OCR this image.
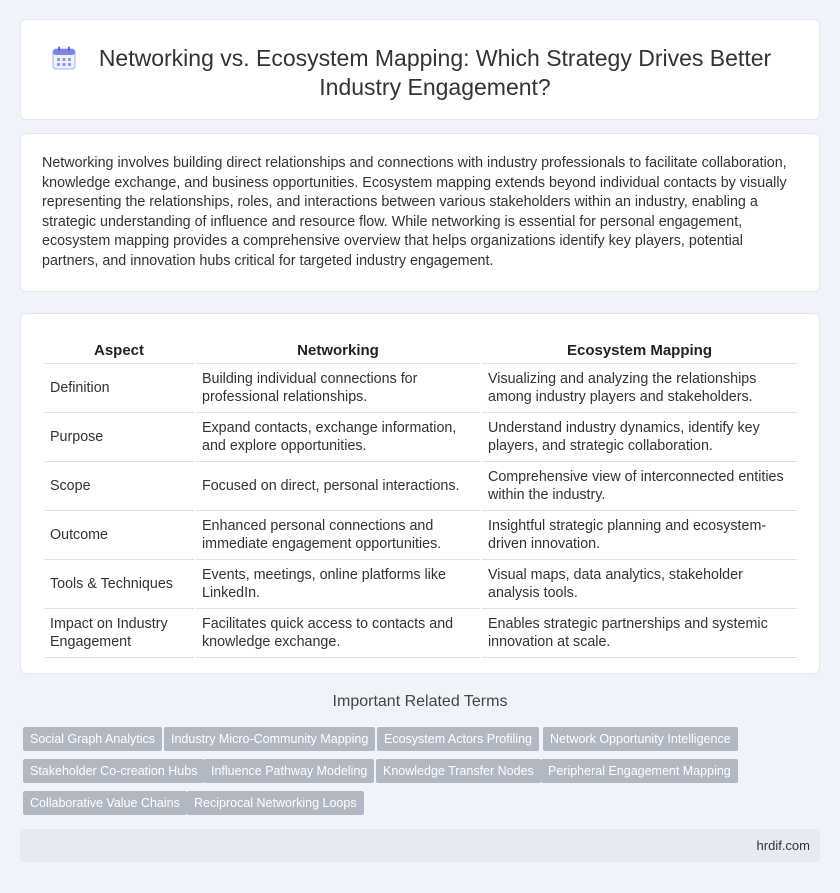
Networking vs. Ecosystem Mapping: Which Strategy Drives Better Industry Engagement?
Networking involves building direct relationships and connections with industry professionals to facilitate collaboration, knowledge exchange, and business opportunities. Ecosystem mapping extends beyond individual contacts by visually representing the relationships, roles, and interactions between various stakeholders within an industry, enabling a strategic understanding of influence and resource flow. While networking is essential for personal engagement, ecosystem mapping provides a comprehensive overview that helps organizations identify key players, potential partners, and innovation hubs critical for targeted industry engagement.
Aspect	Networking	Ecosystem Mapping
Definition	Building individual connections for professional relationships.	Visualizing and analyzing the relationships among industry players and stakeholders.
Purpose	Expand contacts, exchange information, and explore opportunities.	Understand industry dynamics, identify key players, and strategic collaboration.
Scope	Focused on direct, personal interactions.	Comprehensive view of interconnected entities within the industry.
Outcome	Enhanced personal connections and immediate engagement opportunities.	Insightful strategic planning and ecosystem-driven innovation.
Tools & Techniques	Events, meetings, online platforms like LinkedIn.	Visual maps, data analytics, stakeholder analysis tools.
Impact on Industry Engagement	Facilitates quick access to contacts and knowledge exchange.	Enables strategic partnerships and systemic innovation at scale.
Important Related Terms
Social Graph Analytics	Industry Micro-Community Mapping	Ecosystem Actors Profiling	Network Opportunity Intelligence
Stakeholder Co-creation Hubs	Influence Pathway Modeling	Knowledge Transfer Nodes	Peripheral Engagement Mapping
Collaborative Value Chains	Reciprocal Networking Loops
hrdif.com
